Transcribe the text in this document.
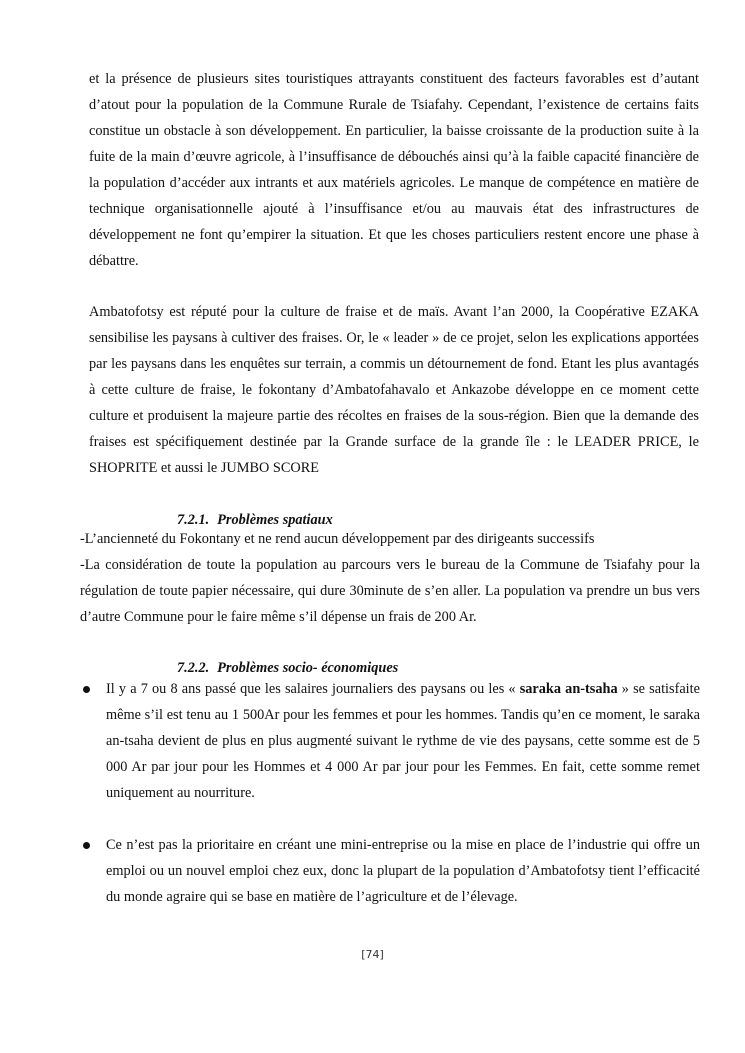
et la présence de plusieurs sites touristiques attrayants constituent des facteurs favorables est d’autant d’atout pour la population de la Commune Rurale de Tsiafahy. Cependant, l’existence de certains faits constitue un obstacle à son développement. En particulier, la baisse croissante de la production suite à la fuite de la main d’œuvre agricole, à l’insuffisance de débouchés ainsi qu’à la faible capacité financière de la population d’accéder aux intrants et aux matériels agricoles. Le manque de compétence en matière de technique organisationnelle ajouté à l’insuffisance et/ou au mauvais état des infrastructures de développement ne font qu’empirer la situation. Et que les choses particuliers restent encore une phase à débattre.

Ambatofotsy est réputé pour la culture de fraise et de maïs. Avant l’an 2000, la Coopérative EZAKA sensibilise les paysans à cultiver des fraises. Or, le « leader » de ce projet, selon les explications apportées par les paysans dans les enquêtes sur terrain, a commis un détournement de fond. Etant les plus avantagés à cette culture de fraise, le fokontany d’Ambatofahavalo et Ankazobe développe en ce moment cette culture et produisent la majeure partie des récoltes en fraises de la sous-région. Bien que la demande des fraises est spécifiquement destinée par la Grande surface de la grande île : le LEADER PRICE, le SHOPRITE et aussi le JUMBO SCORE

7.2.1. Problèmes spatiaux

-L’ancienneté du Fokontany et ne rend aucun développement par des dirigeants successifs

-La considération de toute la population au parcours vers le bureau de la Commune de Tsiafahy pour la régulation de toute papier nécessaire, qui dure 30minute de s’en aller. La population va prendre un bus vers d’autre Commune pour le faire même s’il dépense un frais de 200 Ar.

7.2.2. Problèmes socio- économiques

Il y a 7 ou 8 ans passé que les salaires journaliers des paysans ou les « saraka an-tsaha » se satisfaite même s’il est tenu au 1 500Ar pour les femmes et pour les hommes. Tandis qu’en ce moment, le saraka an-tsaha devient de plus en plus augmenté suivant le rythme de vie des paysans, cette somme est de 5 000 Ar par jour pour les Hommes et 4 000 Ar par jour pour les Femmes. En fait, cette somme remet uniquement au nourriture.

Ce n’est pas la prioritaire en créant une mini-entreprise ou la mise en place de l’industrie qui offre un emploi ou un nouvel emploi chez eux, donc la plupart de la population d’Ambatofotsy tient l’efficacité du monde agraire qui se base en matière de l’agriculture et de l’élevage.

[74]
